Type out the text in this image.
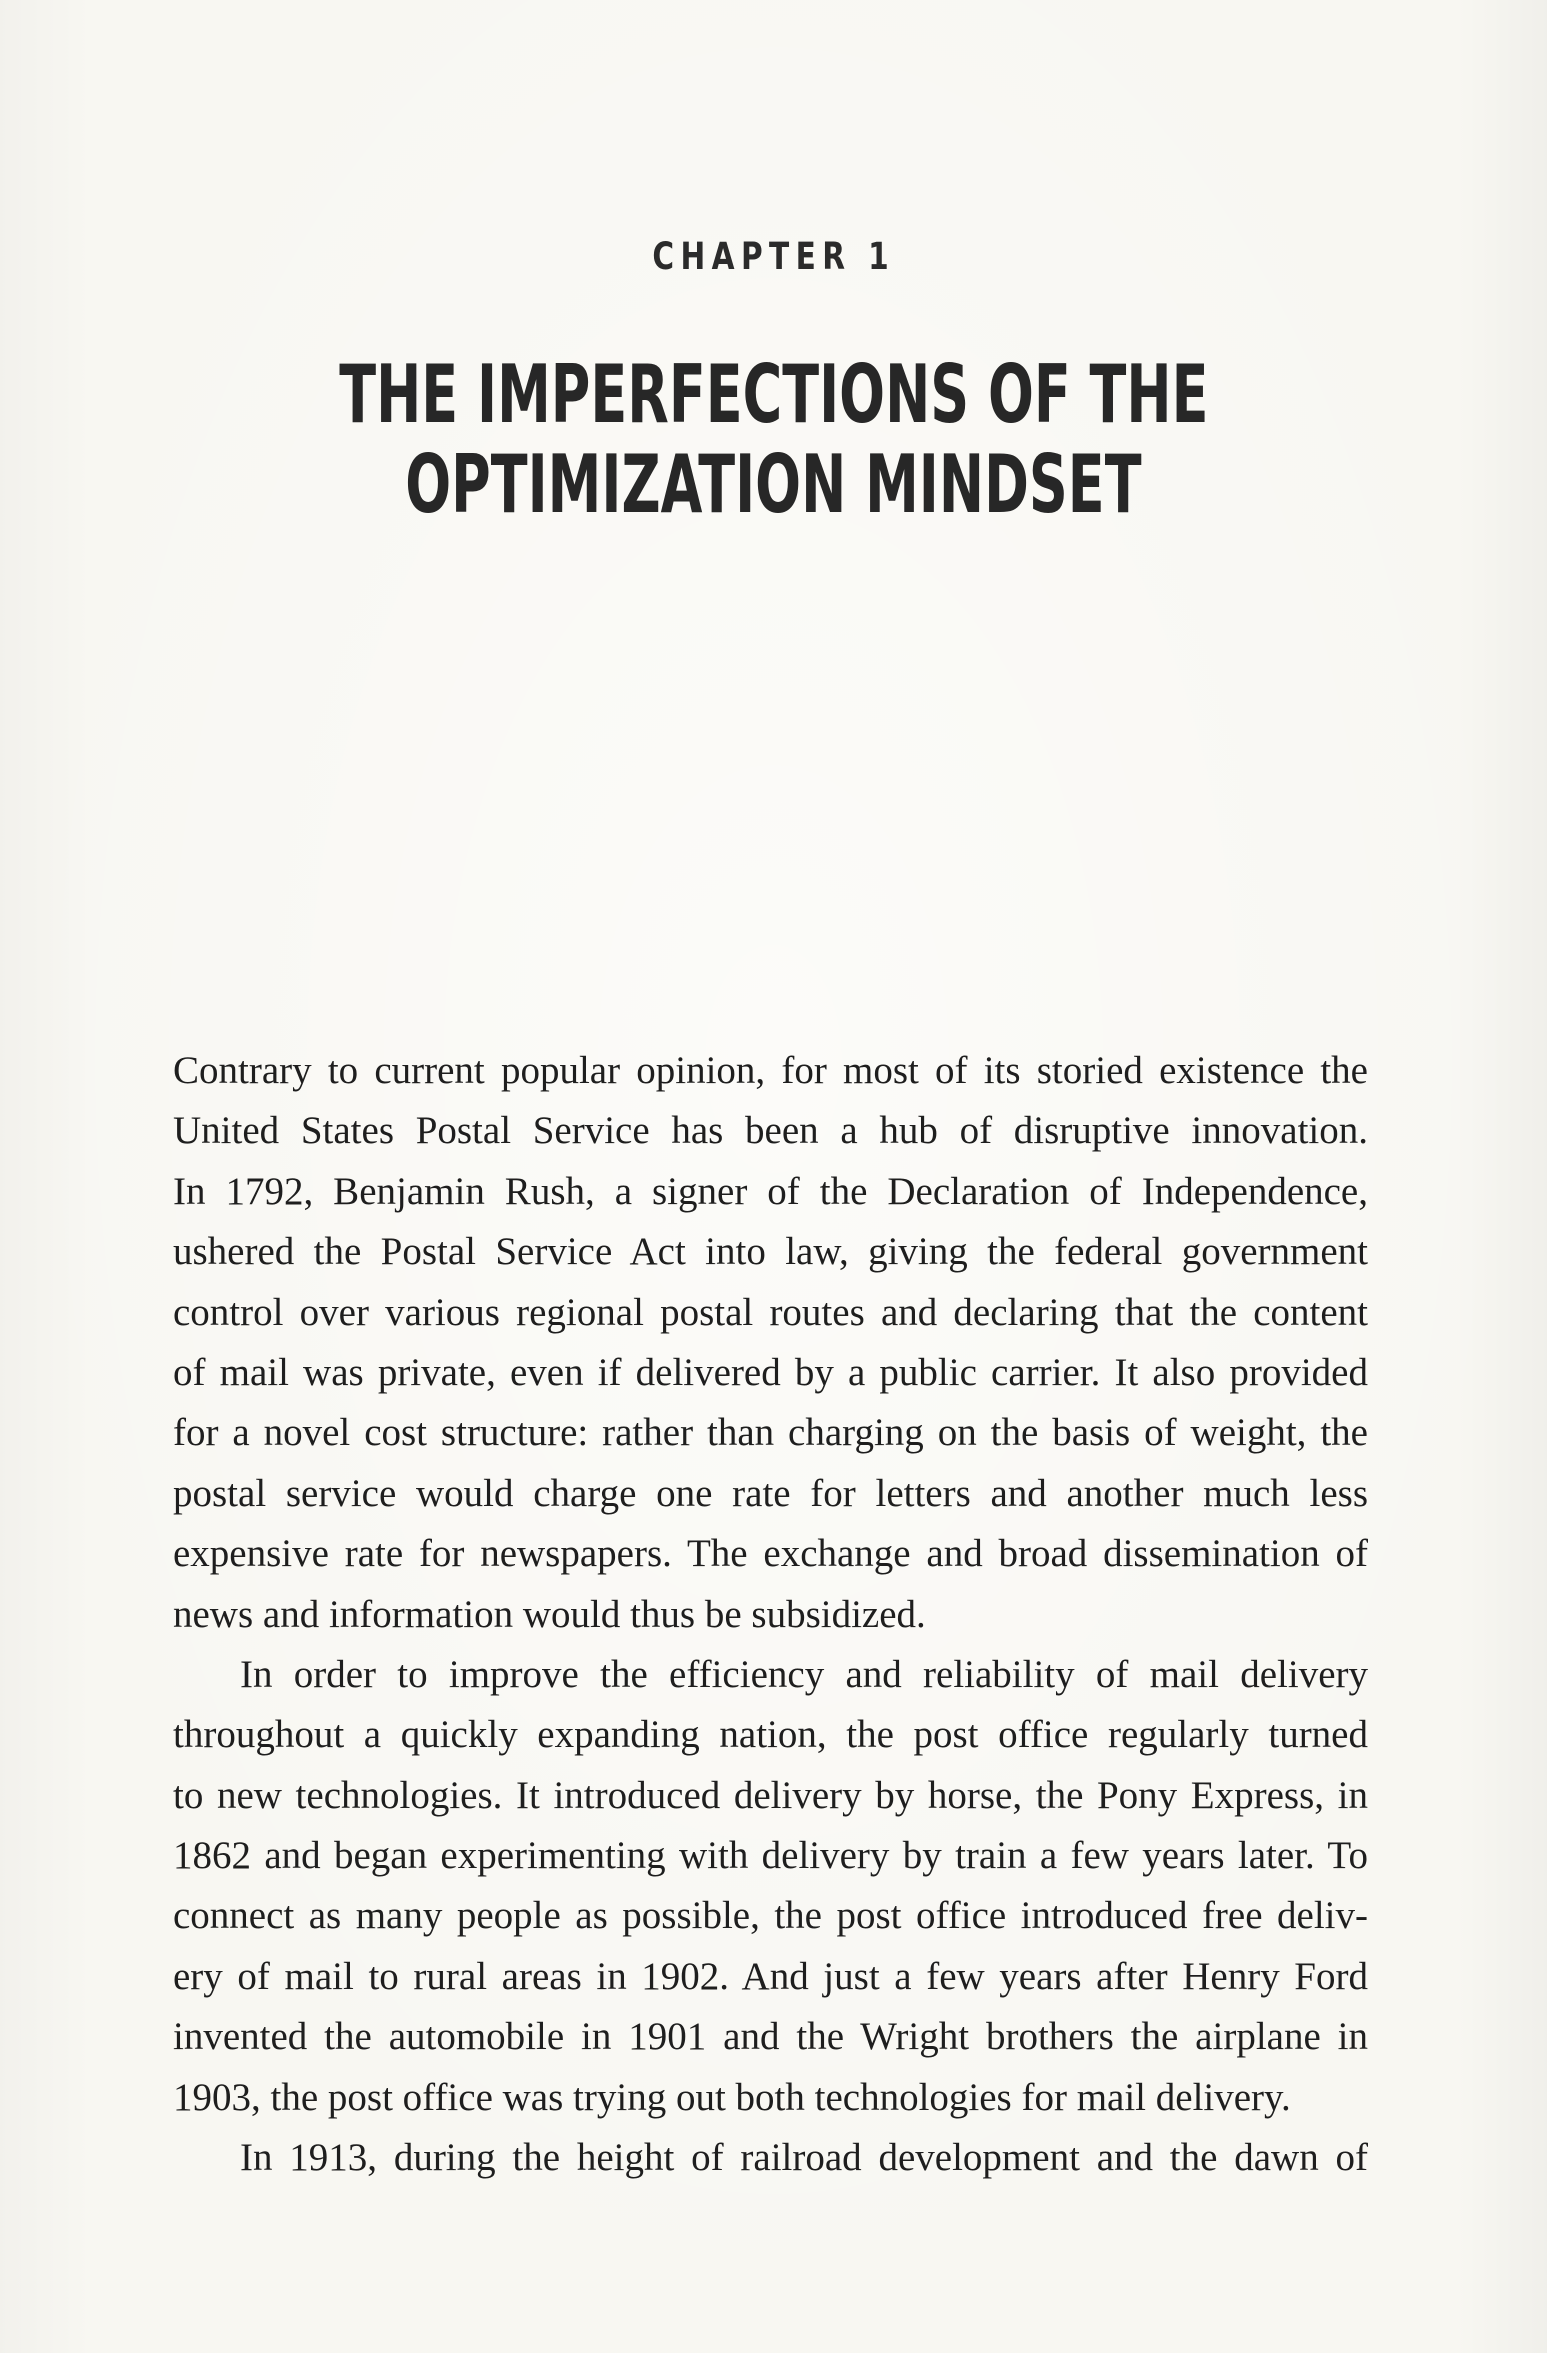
CHAPTER 1
THE IMPERFECTIONS OF THE
OPTIMIZATION MINDSET
Contrary to current popular opinion, for most of its storied existence the
United States Postal Service has been a hub of disruptive innovation.
In 1792, Benjamin Rush, a signer of the Declaration of Independence,
ushered the Postal Service Act into law, giving the federal government
control over various regional postal routes and declaring that the content
of mail was private, even if delivered by a public carrier. It also provided
for a novel cost structure: rather than charging on the basis of weight, the
postal service would charge one rate for letters and another much less
expensive rate for newspapers. The exchange and broad dissemination of
news and information would thus be subsidized.
In order to improve the efficiency and reliability of mail delivery
throughout a quickly expanding nation, the post office regularly turned
to new technologies. It introduced delivery by horse, the Pony Express, in
1862 and began experimenting with delivery by train a few years later. To
connect as many people as possible, the post office introduced free deliv-
ery of mail to rural areas in 1902. And just a few years after Henry Ford
invented the automobile in 1901 and the Wright brothers the airplane in
1903, the post office was trying out both technologies for mail delivery.
In 1913, during the height of railroad development and the dawn of
